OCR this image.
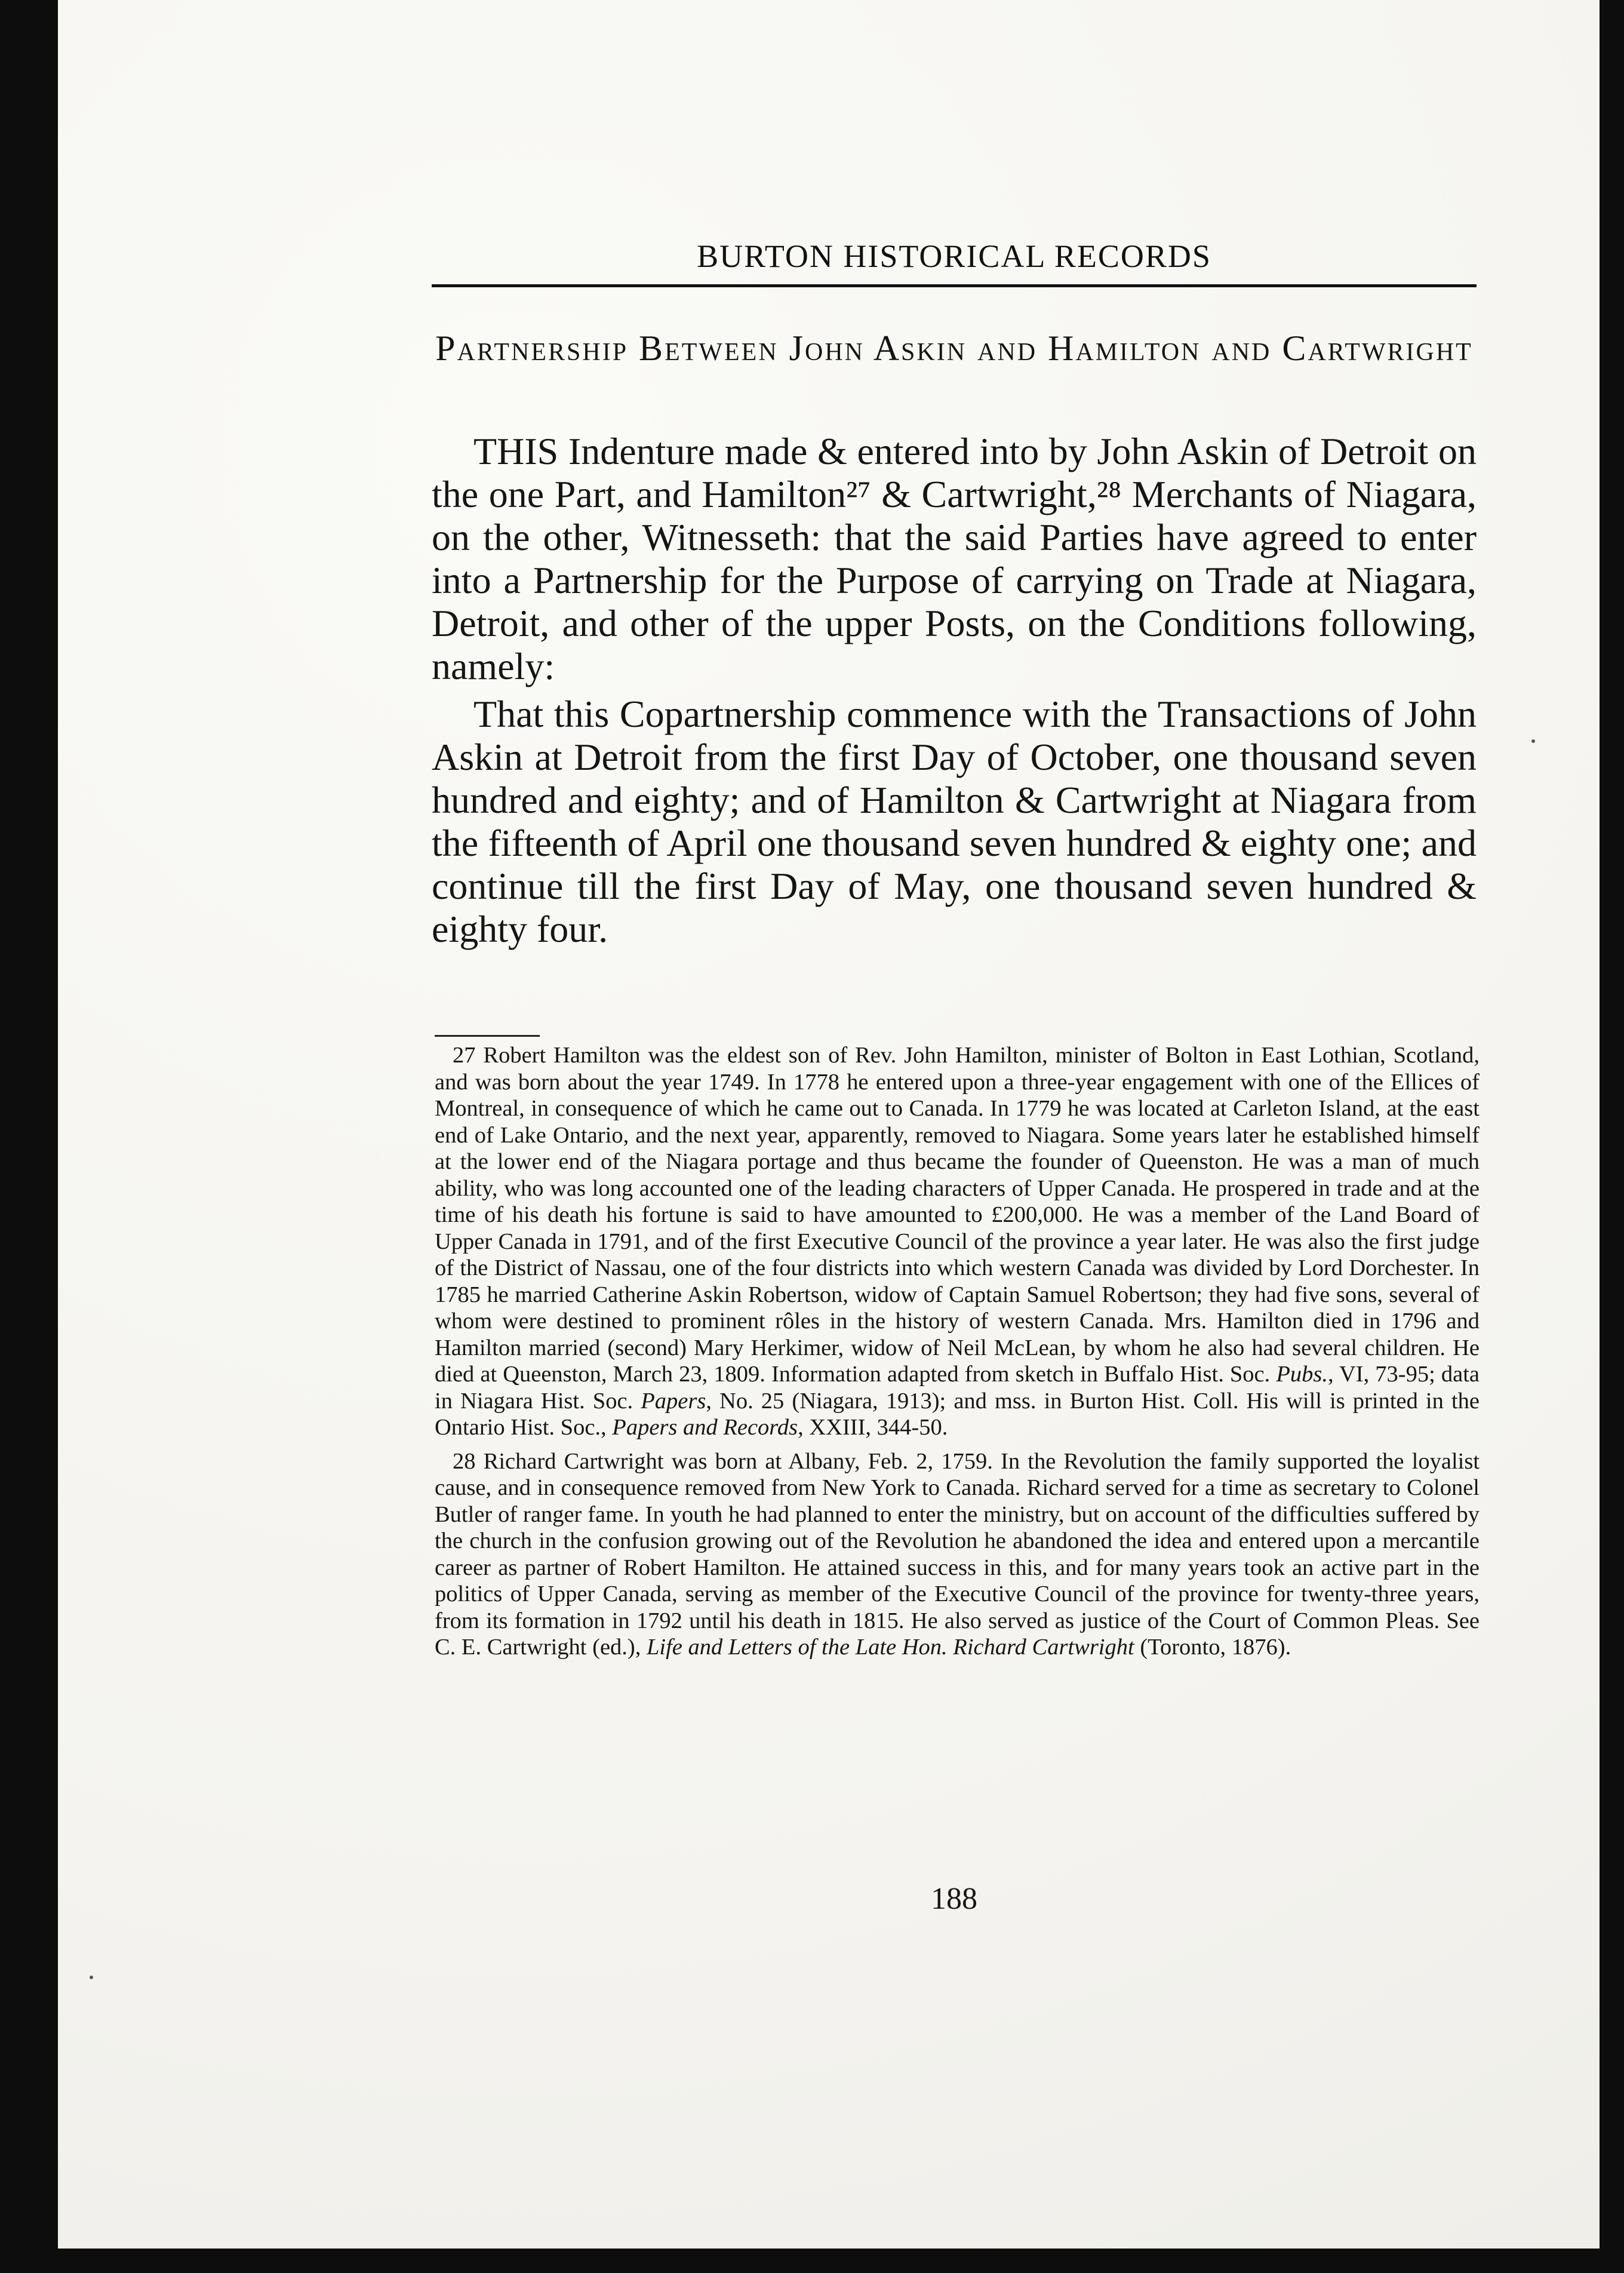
BURTON HISTORICAL RECORDS
Partnership Between John Askin and Hamilton and Cartwright

THIS Indenture made & entered into by John Askin of Detroit on the one Part, and Hamilton²⁷ & Cartwright,²⁸ Merchants of Niagara, on the other, Witnesseth: that the said Parties have agreed to enter into a Partnership for the Purpose of carrying on Trade at Niagara, Detroit, and other of the upper Posts, on the Conditions following, namely:

That this Copartnership commence with the Transactions of John Askin at Detroit from the first Day of October, one thousand seven hundred and eighty; and of Hamilton & Cartwright at Niagara from the fifteenth of April one thousand seven hundred & eighty one; and continue till the first Day of May, one thousand seven hundred & eighty four.

27 Robert Hamilton was the eldest son of Rev. John Hamilton, minister of Bolton in East Lothian, Scotland, and was born about the year 1749. In 1778 he entered upon a three-year engagement with one of the Ellices of Montreal, in consequence of which he came out to Canada. In 1779 he was located at Carleton Island, at the east end of Lake Ontario, and the next year, apparently, removed to Niagara. Some years later he established himself at the lower end of the Niagara portage and thus became the founder of Queenston. He was a man of much ability, who was long accounted one of the leading characters of Upper Canada. He prospered in trade and at the time of his death his fortune is said to have amounted to £200,000. He was a member of the Land Board of Upper Canada in 1791, and of the first Executive Council of the province a year later. He was also the first judge of the District of Nassau, one of the four districts into which western Canada was divided by Lord Dorchester. In 1785 he married Catherine Askin Robertson, widow of Captain Samuel Robertson; they had five sons, several of whom were destined to prominent rôles in the history of western Canada. Mrs. Hamilton died in 1796 and Hamilton married (second) Mary Herkimer, widow of Neil McLean, by whom he also had several children. He died at Queenston, March 23, 1809. Information adapted from sketch in Buffalo Hist. Soc. Pubs., VI, 73-95; data in Niagara Hist. Soc. Papers, No. 25 (Niagara, 1913); and mss. in Burton Hist. Coll. His will is printed in the Ontario Hist. Soc., Papers and Records, XXIII, 344-50.

28 Richard Cartwright was born at Albany, Feb. 2, 1759. In the Revolution the family supported the loyalist cause, and in consequence removed from New York to Canada. Richard served for a time as secretary to Colonel Butler of ranger fame. In youth he had planned to enter the ministry, but on account of the difficulties suffered by the church in the confusion growing out of the Revolution he abandoned the idea and entered upon a mercantile career as partner of Robert Hamilton. He attained success in this, and for many years took an active part in the politics of Upper Canada, serving as member of the Executive Council of the province for twenty-three years, from its formation in 1792 until his death in 1815. He also served as justice of the Court of Common Pleas. See C. E. Cartwright (ed.), Life and Letters of the Late Hon. Richard Cartwright (Toronto, 1876).

188
